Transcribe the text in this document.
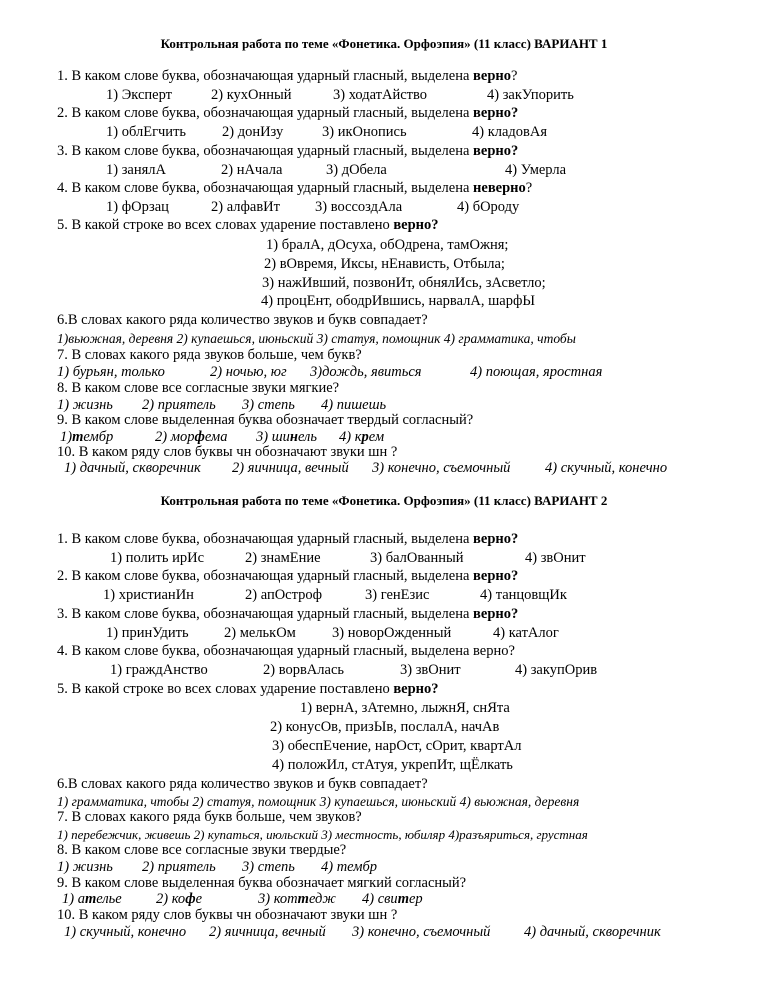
Контрольная работа по теме «Фонетика. Орфоэпия» (11 класс) ВАРИАНТ 1
1. В каком слове буква, обозначающая ударный гласный, выделена верно?
1) Эксперт	2) кухОнный	3) ходатАйство	4) закУпорить
2. В каком слове буква, обозначающая ударный гласный, выделена верно?
1) облЕгчить 2) донИзу	3) икОнопись	4) кладовАя
3. В каком слове буква, обозначающая ударный гласный, выделена верно?
1) занялА	2) нАчала	3) дОбела	4) Умерла
4. В каком слове буква, обозначающая ударный гласный, выделена неверно?
1) фОрзац	2) алфавИт 3) воссоздАла	4) бОроду
5. В какой строке во всех словах ударение поставлено верно?
1) бралА, дОсуха, обОдрена, тамОжня;
2) вОвремя, Иксы, нЕнависть, Отбыла;
3) нажИвший, позвонИт, обнялИсь, зАсветло;
4) процЕнт, ободрИвшись, нарвалА, шарфЫ
6.В словах какого ряда количество звуков и букв совпадает?
1)вьюжная, деревня 2) купаешься, июньский 3) статуя, помощник 4) грамматика, чтобы
7. В словах какого ряда звуков больше, чем букв?
1) бурьян, только	2) ночью, юг 3)дождь, явиться	4) поющая, яростная
8. В каком слове все согласные звуки мягкие?
1) жизнь 2) приятель 3) степь 4) пишешь
9. В каком слове выделенная буква обозначает твердый согласный?
1)тембр	2) морфема 3) шинель 4) крем
10. В каком ряду слов буквы чн обозначают звуки шн ?
1) дачный, скворечник 2) яичница, вечный 3) конечно, съемочный 4) скучный, конечно
Контрольная работа по теме «Фонетика. Орфоэпия» (11 класс) ВАРИАНТ 2
1. В каком слове буква, обозначающая ударный гласный, выделена верно?
1) полить ирИс	2) знамЕние	3) балОванный	4) звОнит
2. В каком слове буква, обозначающая ударный гласный, выделена верно?
1) христианИн	2) апОстроф	3) генЕзис	4) танцовщИк
3. В каком слове буква, обозначающая ударный гласный, выделена верно?
1) принУдить 2) мелькОм 3) новорОжденный	4) катАлог
4. В каком слове буква, обозначающая ударный гласный, выделена верно?
1) граждАнство	2) ворвАлась	3) звОнит	4) закупОрив
5. В какой строке во всех словах ударение поставлено верно?
1) вернА, зАтемно, лыжнЯ, снЯта
2) конусОв, призЫв, послалА, начАв
3) обеспЕчение, нарОст, сОрит, квартАл
4) положИл, стАтуя, укрепИт, щЁлкать
6.В словах какого ряда количество звуков и букв совпадает?
1) грамматика, чтобы 2) статуя, помощник 3) купаешься, июньский 4) вьюжная, деревня
7. В словах какого ряда букв больше, чем звуков?
1) перебежчик, живешь 2) купаться, июльский 3) местность, юбиляр 4)разъяриться, грустная
8. В каком слове все согласные звуки твердые?
1) жизнь 2) приятель 3) степь 4) тембр
9. В каком слове выделенная буква обозначает мягкий согласный?
1) ателье 2) кофе	3) коттедж 4) свитер
10. В каком ряду слов буквы чн обозначают звуки шн ?
1) скучный, конечно 2) яичница, вечный 3) конечно, съемочный 4) дачный, скворечник
